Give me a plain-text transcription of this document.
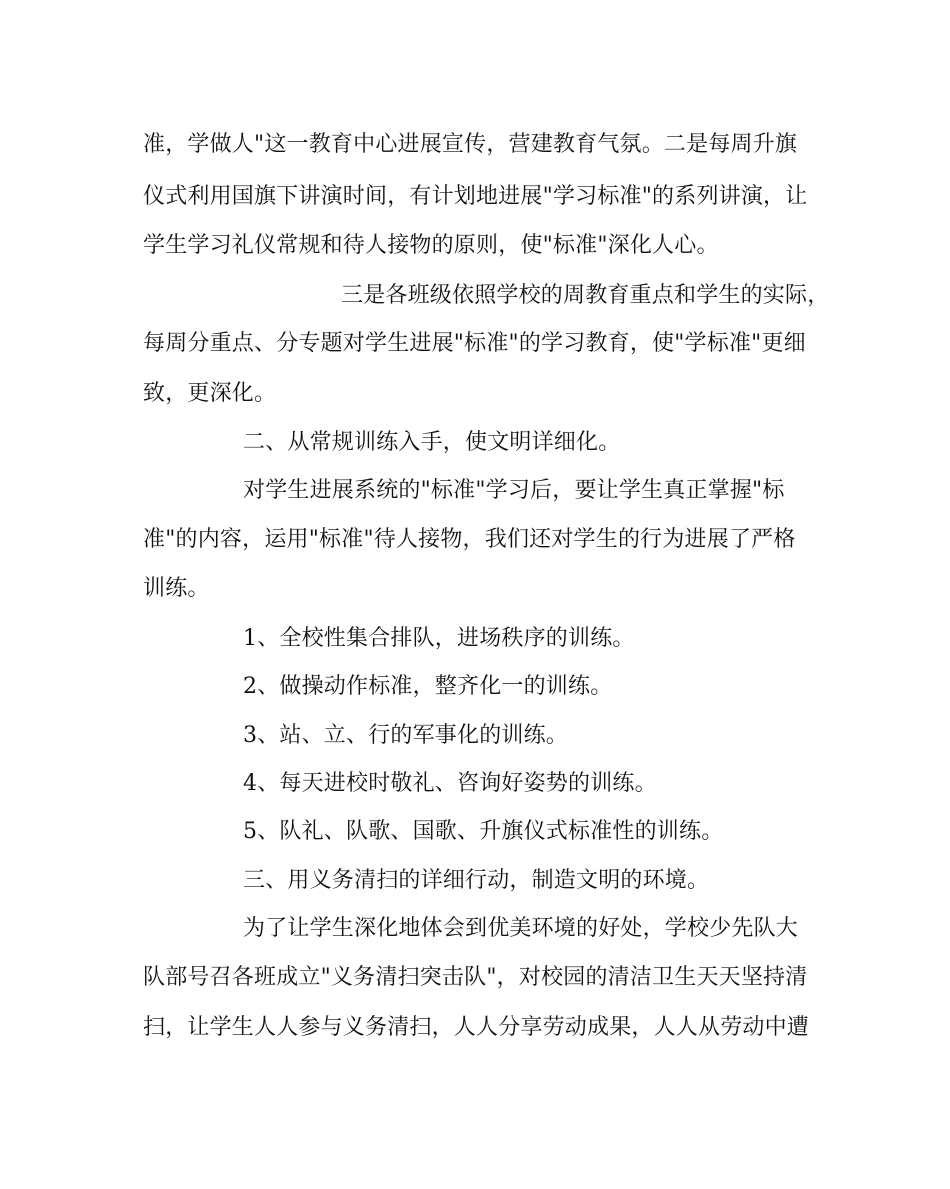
准，学做人"这一教育中心进展宣传，营建教育气氛。二是每周升旗
仪式利用国旗下讲演时间，有计划地进展"学习标准"的系列讲演，让
学生学习礼仪常规和待人接物的原则，使"标准"深化人心。
三是各班级依照学校的周教育重点和学生的实际，
每周分重点、分专题对学生进展"标准"的学习教育，使"学标准"更细
致，更深化。
二、从常规训练入手，使文明详细化。
对学生进展系统的"标准"学习后，要让学生真正掌握"标
准"的内容，运用"标准"待人接物，我们还对学生的行为进展了严格
训练。
1、全校性集合排队，进场秩序的训练。
2、做操动作标准，整齐化一的训练。
3、站、立、行的军事化的训练。
4、每天进校时敬礼、咨询好姿势的训练。
5、队礼、队歌、国歌、升旗仪式标准性的训练。
三、用义务清扫的详细行动，制造文明的环境。
为了让学生深化地体会到优美环境的好处，学校少先队大
队部号召各班成立"义务清扫突击队"，对校园的清洁卫生天天坚持清
扫，让学生人人参与义务清扫，人人分享劳动成果，人人从劳动中遭
